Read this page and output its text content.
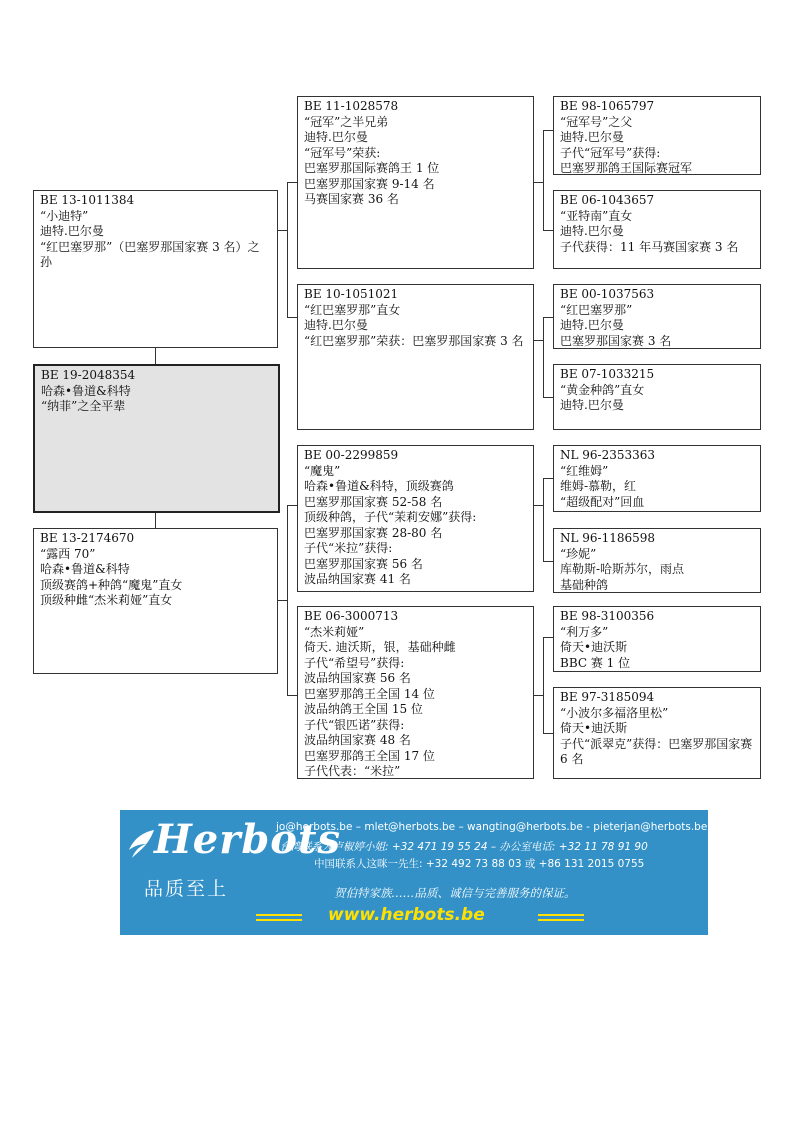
BE 13-1011384
“小迪特”
迪特.巴尔曼
“红巴塞罗那”（巴塞罗那国家赛 3 名）之孙
BE 19-2048354
哈森•鲁道&科特
“纳菲”之全平辈
BE 13-2174670
“露西 70”
哈森•鲁道&科特
顶级赛鸽+种鸽“魔鬼”直女
顶级种雌“杰米莉娅”直女
BE 11-1028578
“冠军”之半兄弟
迪特.巴尔曼
“冠军号”荣获:
巴塞罗那国际赛鸽王 1 位
巴塞罗那国家赛 9-14 名
马赛国家赛 36 名
BE 10-1051021
“红巴塞罗那”直女
迪特.巴尔曼
“红巴塞罗那”荣获：巴塞罗那国家赛 3 名
BE 00-2299859
“魔鬼”
哈森•鲁道&科特，顶级赛鸽
巴塞罗那国家赛 52-58 名
顶级种鸽，子代“茉莉安娜”获得:
巴塞罗那国家赛 28-80 名
子代“米拉”获得:
巴塞罗那国家赛 56 名
波品纳国家赛 41 名
BE 06-3000713
“杰米莉娅”
倚天. 迪沃斯，银，基础种雌
子代“希望号”获得:
波品纳国家赛 56 名
巴塞罗那鸽王全国 14 位
波品纳鸽王全国 15 位
子代“银匹诺”获得:
波品纳国家赛 48 名
巴塞罗那鸽王全国 17 位
子代代表：“米拉”
BE 98-1065797
“冠军号”之父
迪特.巴尔曼
子代“冠军号”获得:
巴塞罗那鸽王国际赛冠军
BE 06-1043657
“亚特南”直女
迪特.巴尔曼
子代获得：11 年马赛国家赛 3 名
BE 00-1037563
“红巴塞罗那”
迪特.巴尔曼
巴塞罗那国家赛 3 名
BE 07-1033215
“黄金种鸽”直女
迪特.巴尔曼
NL 96-2353363
“红维姆”
维姆-慕勒，红
“超级配对”回血
NL 96-1186598
“珍妮”
库勒斯-哈斯苏尔，雨点
基础种鸽
BE 98-3100356
“利万多”
倚天•迪沃斯
BBC 赛 1 位
BE 97-3185094
“小波尔多福洛里松”
倚天•迪沃斯
子代“派翠克”获得：巴塞罗那国家赛 6 名
Herbots
品质至上
jo@herbots.be – mlet@herbots.be – wangting@herbots.be - pieterjan@herbots.be
台湾联系人卢椒婷小姐: +32 471 19 55 24 – 办公室电话: +32 11 78 91 90
中国联系人这咪一先生: +32 492 73 88 03 或 +86 131 2015 0755
贺伯特家族……品质、诚信与完善服务的保证。
www.herbots.be
